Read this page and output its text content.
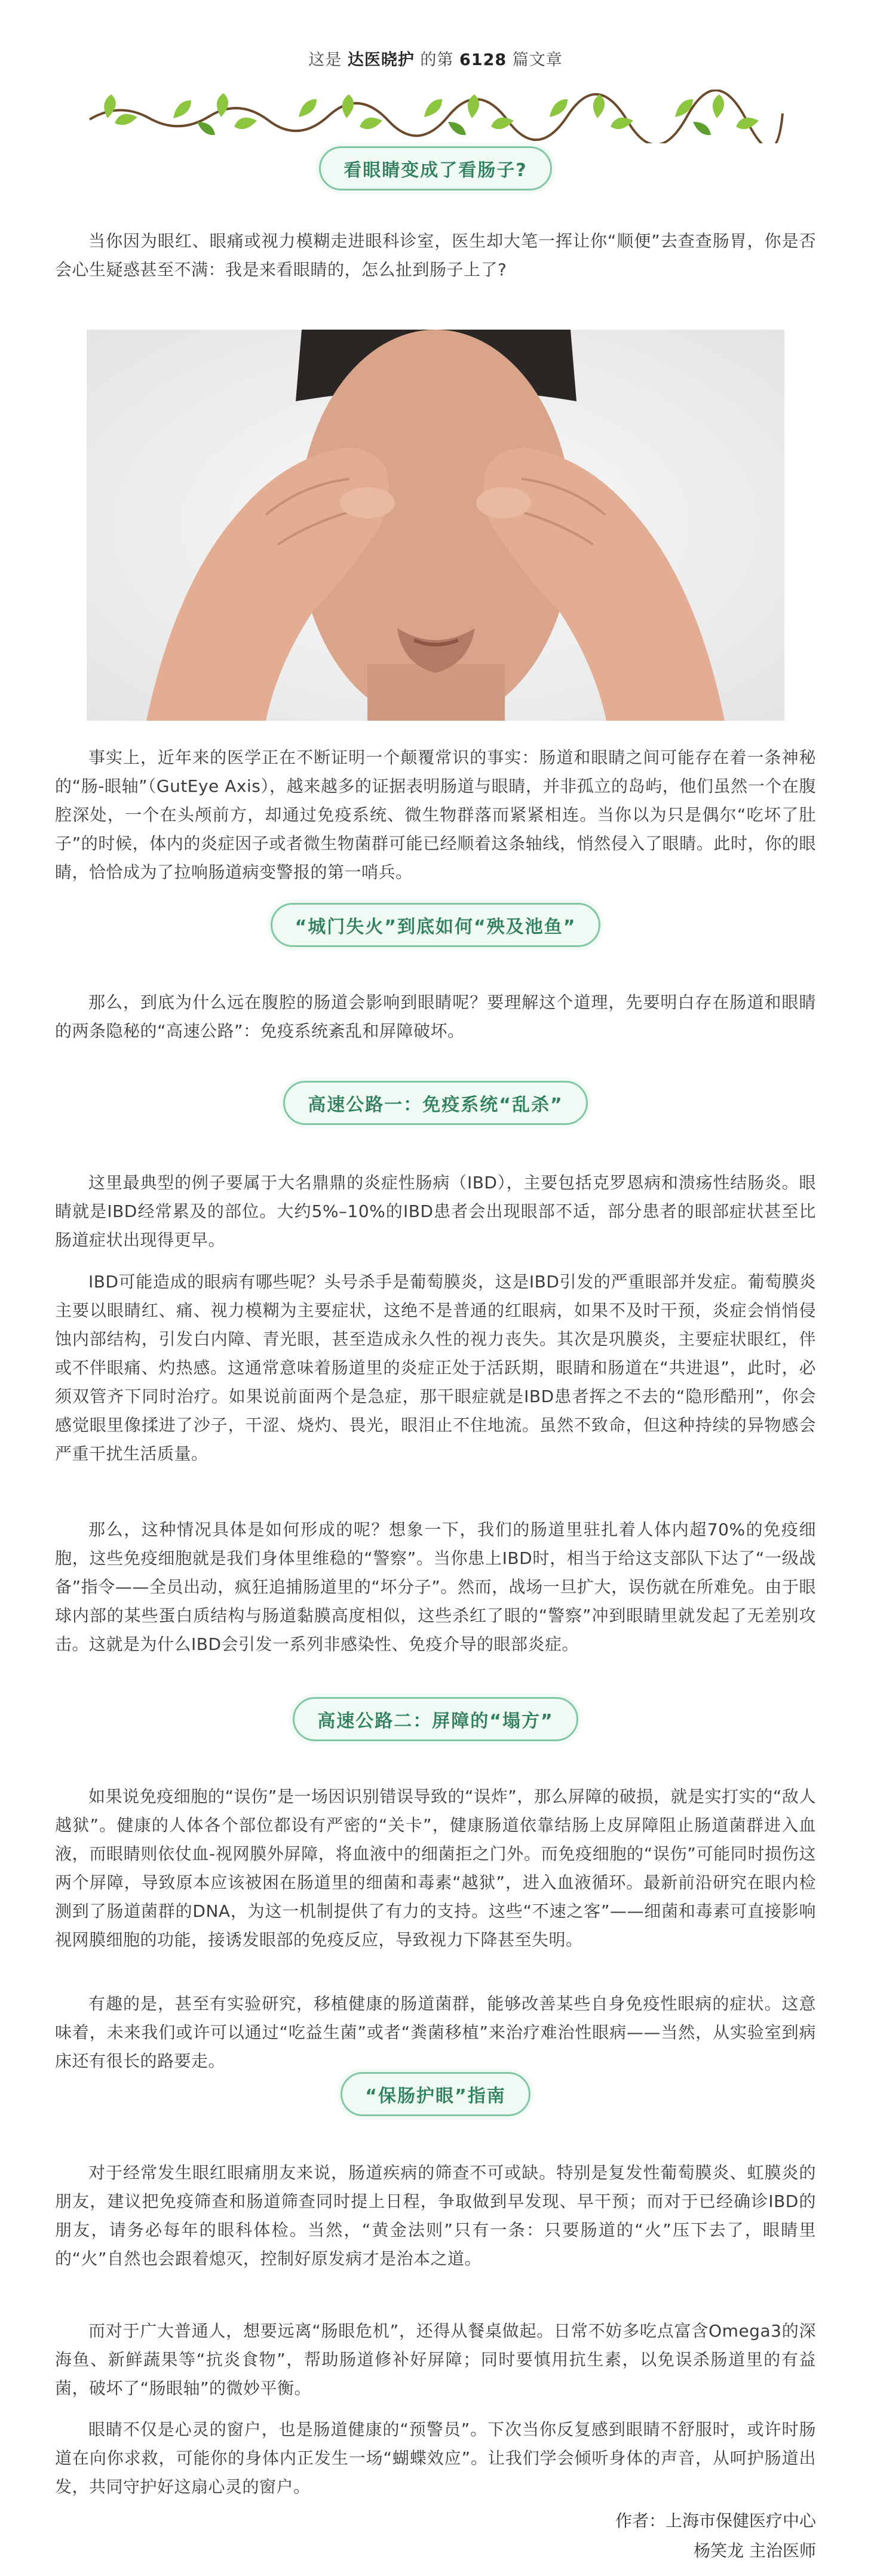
这是 达医晓护 的第 6128 篇文章
看眼睛变成了看肠子?

当你因为眼红、眼痛或视力模糊走进眼科诊室，医生却大笔一挥让你“顺便”去查查肠胃，你是否会心生疑惑甚至不满：我是来看眼睛的，怎么扯到肠子上了?

事实上，近年来的医学正在不断证明一个颠覆常识的事实：肠道和眼睛之间可能存在着一条神秘的“肠-眼轴”（GutEye Axis），越来越多的证据表明肠道与眼睛，并非孤立的岛屿，他们虽然一个在腹腔深处，一个在头颅前方，却通过免疫系统、微生物群落而紧紧相连。当你以为只是偶尔“吃坏了肚子”的时候，体内的炎症因子或者微生物菌群可能已经顺着这条轴线，悄然侵入了眼睛。此时，你的眼睛，恰恰成为了拉响肠道病变警报的第一哨兵。

“城门失火”到底如何“殃及池鱼”

那么，到底为什么远在腹腔的肠道会影响到眼睛呢？要理解这个道理，先要明白存在肠道和眼睛的两条隐秘的“高速公路”：免疫系统紊乱和屏障破坏。

高速公路一：免疫系统“乱杀”

这里最典型的例子要属于大名鼎鼎的炎症性肠病（IBD），主要包括克罗恩病和溃疡性结肠炎。眼睛就是IBD经常累及的部位。大约5%–10%的IBD患者会出现眼部不适，部分患者的眼部症状甚至比肠道症状出现得更早。

IBD可能造成的眼病有哪些呢？头号杀手是葡萄膜炎，这是IBD引发的严重眼部并发症。葡萄膜炎主要以眼睛红、痛、视力模糊为主要症状，这绝不是普通的红眼病，如果不及时干预，炎症会悄悄侵蚀内部结构，引发白内障、青光眼，甚至造成永久性的视力丧失。其次是巩膜炎，主要症状眼红，伴或不伴眼痛、灼热感。这通常意味着肠道里的炎症正处于活跃期，眼睛和肠道在“共进退”，此时，必须双管齐下同时治疗。如果说前面两个是急症，那干眼症就是IBD患者挥之不去的“隐形酷刑”，你会感觉眼里像揉进了沙子，干涩、烧灼、畏光，眼泪止不住地流。虽然不致命，但这种持续的异物感会严重干扰生活质量。

那么，这种情况具体是如何形成的呢？想象一下，我们的肠道里驻扎着人体内超70%的免疫细胞，这些免疫细胞就是我们身体里维稳的“警察”。当你患上IBD时，相当于给这支部队下达了“一级战备”指令——全员出动，疯狂追捕肠道里的“坏分子”。然而，战场一旦扩大，误伤就在所难免。由于眼球内部的某些蛋白质结构与肠道黏膜高度相似，这些杀红了眼的“警察”冲到眼睛里就发起了无差别攻击。这就是为什么IBD会引发一系列非感染性、免疫介导的眼部炎症。

高速公路二：屏障的“塌方”

如果说免疫细胞的“误伤”是一场因识别错误导致的“误炸”，那么屏障的破损，就是实打实的“敌人越狱”。健康的人体各个部位都设有严密的“关卡”，健康肠道依靠结肠上皮屏障阻止肠道菌群进入血液，而眼睛则依仗血-视网膜外屏障，将血液中的细菌拒之门外。而免疫细胞的“误伤”可能同时损伤这两个屏障，导致原本应该被困在肠道里的细菌和毒素“越狱”，进入血液循环。最新前沿研究在眼内检测到了肠道菌群的DNA，为这一机制提供了有力的支持。这些“不速之客”——细菌和毒素可直接影响视网膜细胞的功能，接诱发眼部的免疫反应，导致视力下降甚至失明。

有趣的是，甚至有实验研究，移植健康的肠道菌群，能够改善某些自身免疫性眼病的症状。这意味着，未来我们或许可以通过“吃益生菌”或者“粪菌移植”来治疗难治性眼病——当然，从实验室到病床还有很长的路要走。

“保肠护眼”指南

对于经常发生眼红眼痛朋友来说，肠道疾病的筛查不可或缺。特别是复发性葡萄膜炎、虹膜炎的朋友，建议把免疫筛查和肠道筛查同时提上日程，争取做到早发现、早干预；而对于已经确诊IBD的朋友，请务必每年的眼科体检。当然，“黄金法则”只有一条：只要肠道的“火”压下去了，眼睛里的“火”自然也会跟着熄灭，控制好原发病才是治本之道。

而对于广大普通人，想要远离“肠眼危机”，还得从餐桌做起。日常不妨多吃点富含Omega3的深海鱼、新鲜蔬果等“抗炎食物”，帮助肠道修补好屏障；同时要慎用抗生素，以免误杀肠道里的有益菌，破坏了“肠眼轴”的微妙平衡。

眼睛不仅是心灵的窗户，也是肠道健康的“预警员”。下次当你反复感到眼睛不舒服时，或许时肠道在向你求救，可能你的身体内正发生一场“蝴蝶效应”。让我们学会倾听身体的声音，从呵护肠道出发，共同守护好这扇心灵的窗户。

作者：上海市保健医疗中心
杨笑龙 主治医师
